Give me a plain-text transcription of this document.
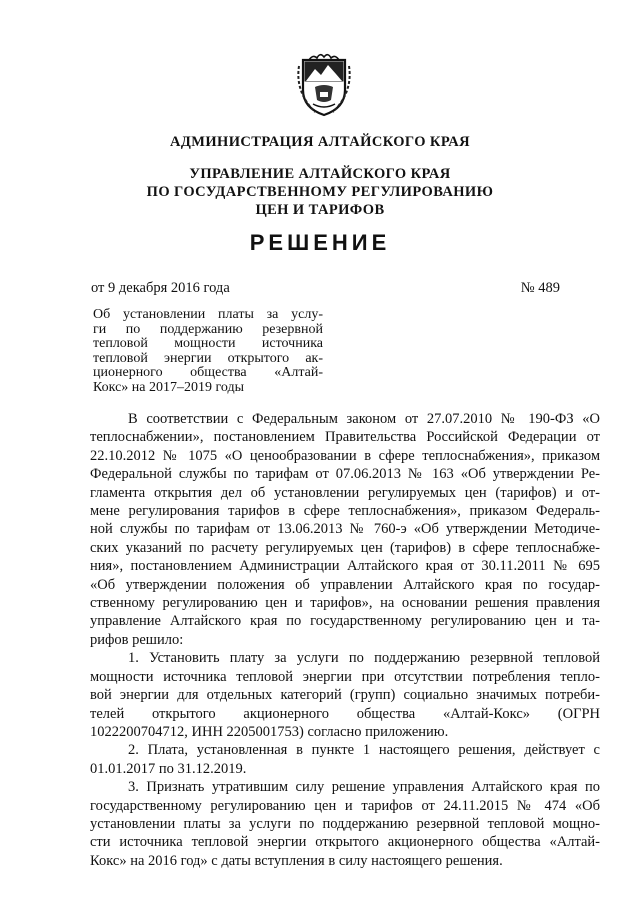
АДМИНИСТРАЦИЯ АЛТАЙСКОГО КРАЯ
УПРАВЛЕНИЕ АЛТАЙСКОГО КРАЯ
ПО ГОСУДАРСТВЕННОМУ РЕГУЛИРОВАНИЮ
ЦЕН И ТАРИФОВ
РЕШЕНИЕ
от 9 декабря 2016 года	№ 489
Об установлении платы за услу-
ги по поддержанию резервной
тепловой мощности источника
тепловой энергии открытого ак-
ционерного общества «Алтай-
Кокс» на 2017–2019 годы
В соответствии с Федеральным законом от 27.07.2010 № 190-ФЗ «О
теплоснабжении», постановлением Правительства Российской Федерации от
22.10.2012 № 1075 «О ценообразовании в сфере теплоснабжения», приказом
Федеральной службы по тарифам от 07.06.2013 № 163 «Об утверждении Ре-
гламента открытия дел об установлении регулируемых цен (тарифов) и от-
мене регулирования тарифов в сфере теплоснабжения», приказом Федераль-
ной службы по тарифам от 13.06.2013 № 760-э «Об утверждении Методиче-
ских указаний по расчету регулируемых цен (тарифов) в сфере теплоснабже-
ния», постановлением Администрации Алтайского края от 30.11.2011 № 695
«Об утверждении положения об управлении Алтайского края по государ-
ственному регулированию цен и тарифов», на основании решения правления
управление Алтайского края по государственному регулированию цен и та-
рифов решило:
1. Установить плату за услуги по поддержанию резервной тепловой
мощности источника тепловой энергии при отсутствии потребления тепло-
вой энергии для отдельных категорий (групп) социально значимых потреби-
телей открытого акционерного общества «Алтай-Кокс» (ОГРН
1022200704712, ИНН 2205001753) согласно приложению.
2. Плата, установленная в пункте 1 настоящего решения, действует с
01.01.2017 по 31.12.2019.
3. Признать утратившим силу решение управления Алтайского края по
государственному регулированию цен и тарифов от 24.11.2015 № 474 «Об
установлении платы за услуги по поддержанию резервной тепловой мощно-
сти источника тепловой энергии открытого акционерного общества «Алтай-
Кокс» на 2016 год» с даты вступления в силу настоящего решения.
